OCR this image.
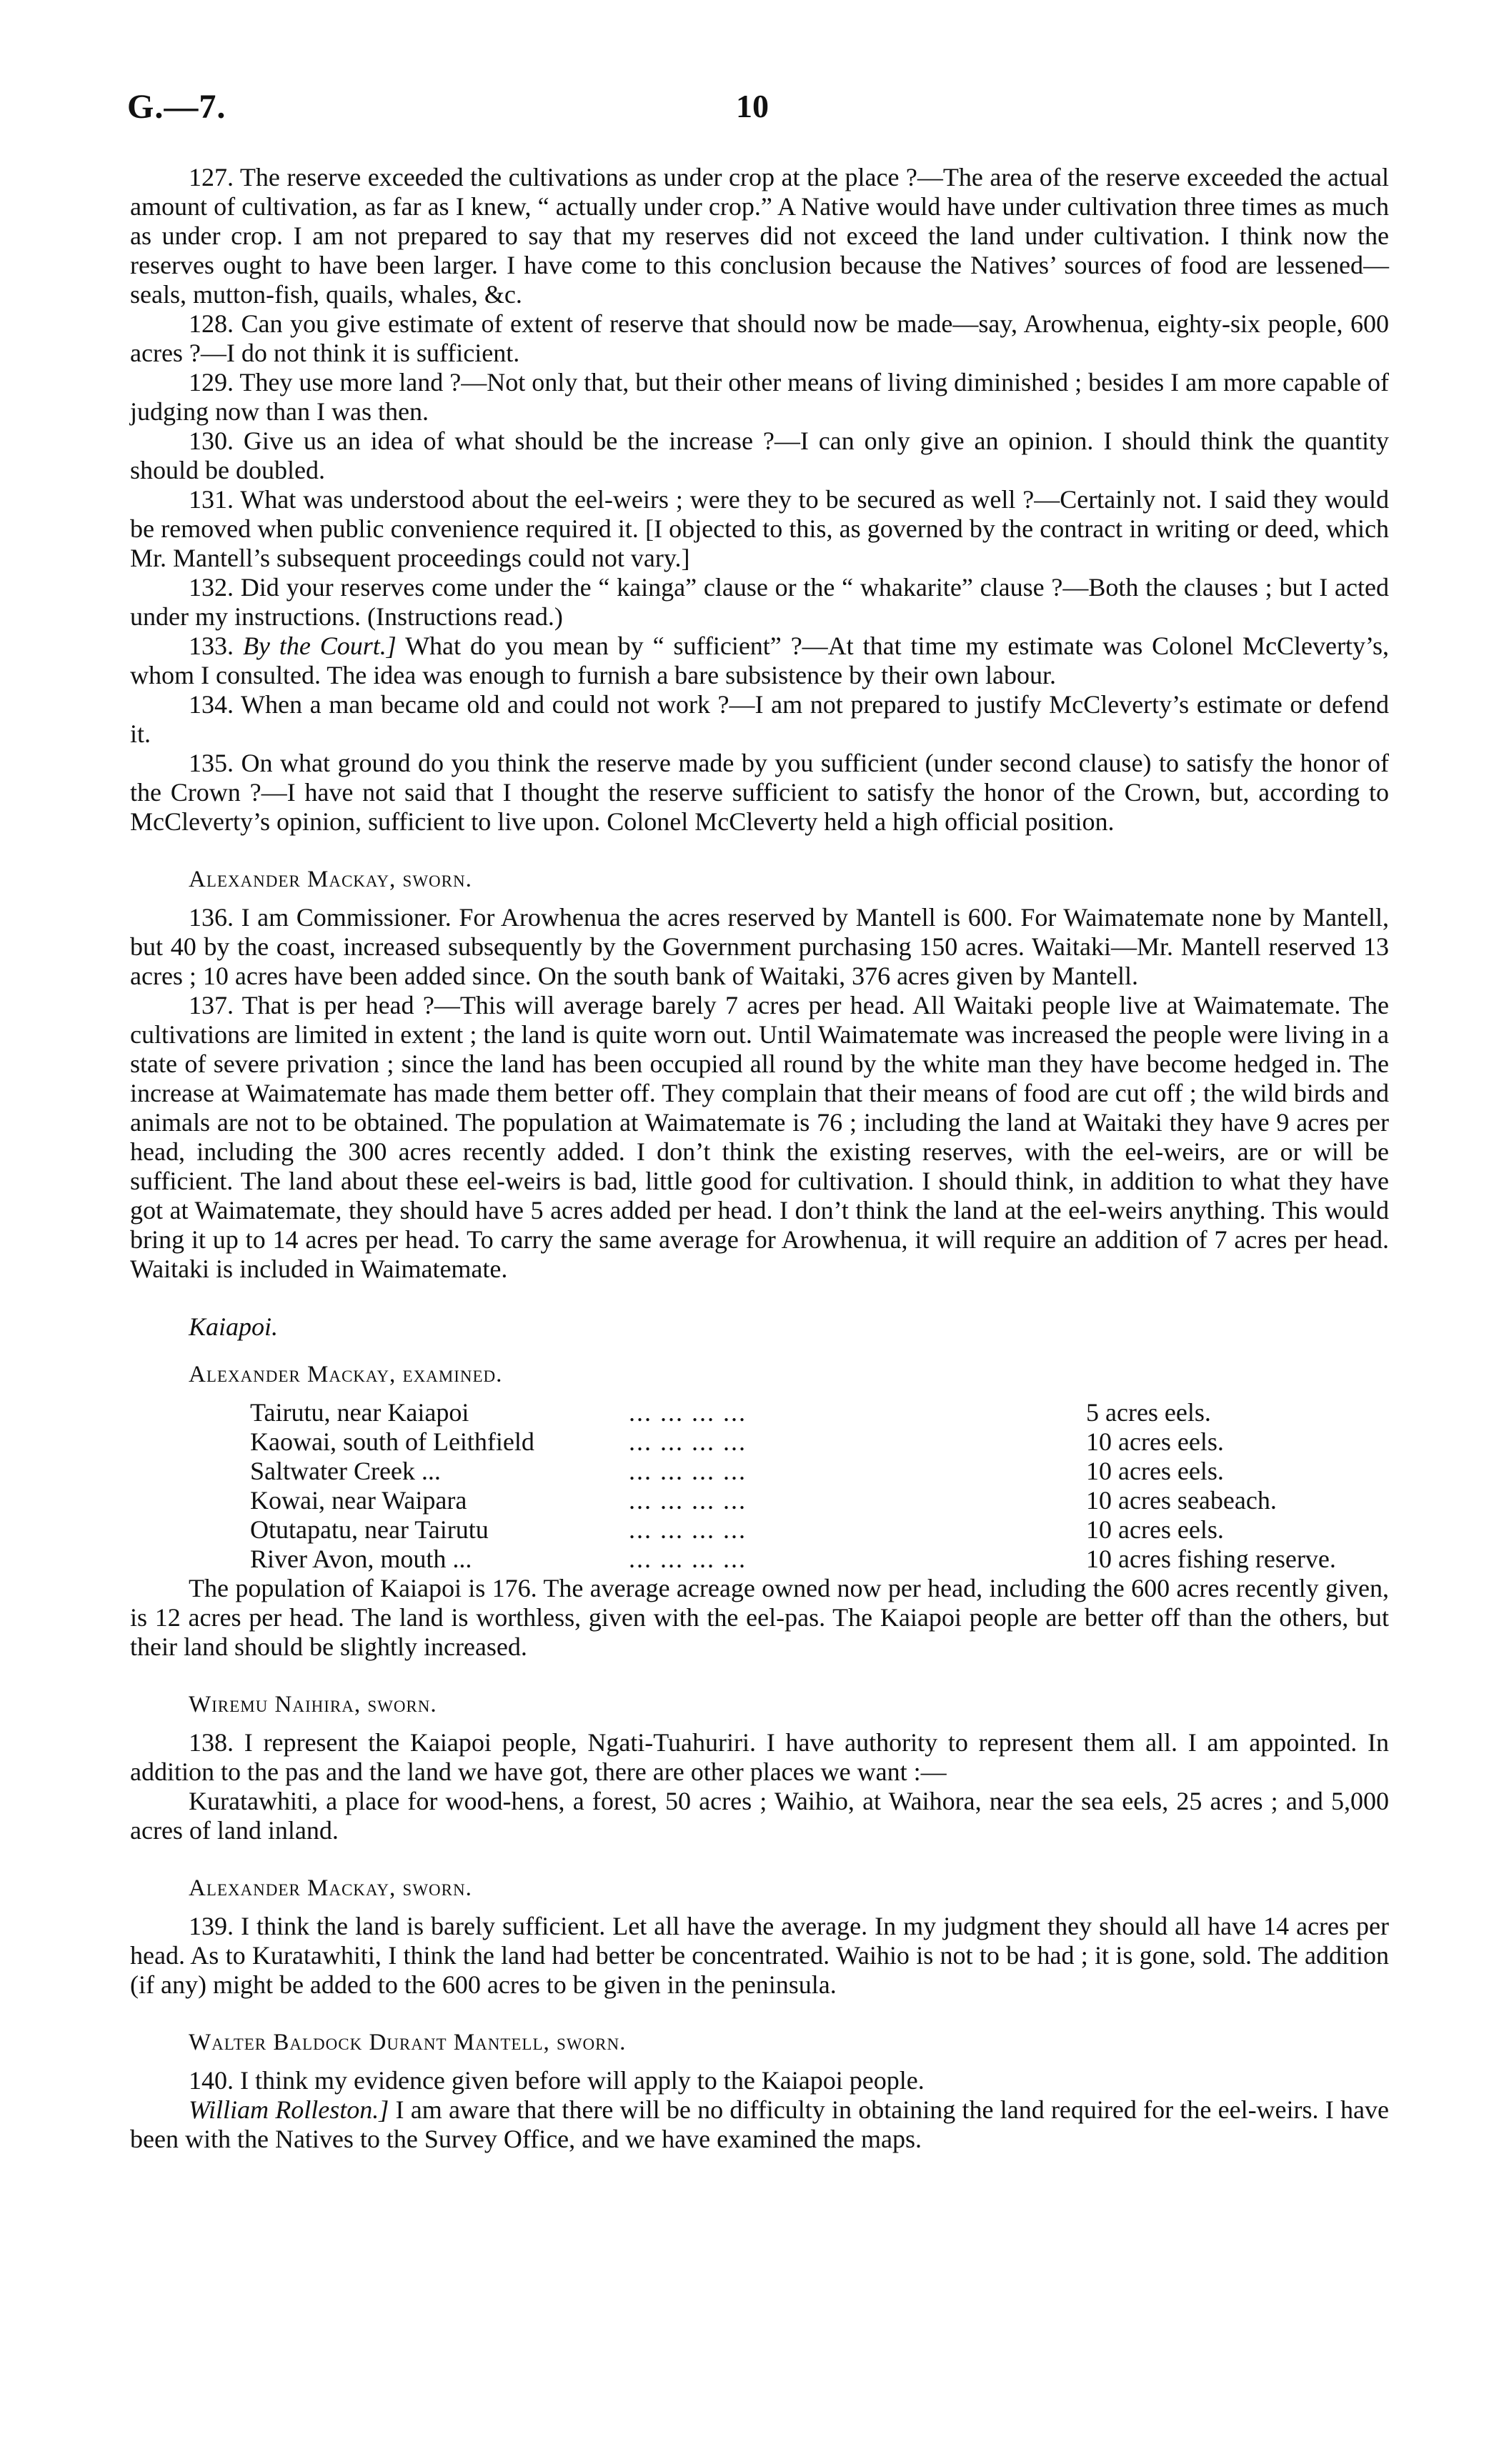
G.—7.	10

127. The reserve exceeded the cultivations as under crop at the place ?—The area of the reserve exceeded the actual amount of cultivation, as far as I knew, “ actually under crop.” A Native would have under cultivation three times as much as under crop. I am not prepared to say that my reserves did not exceed the land under cultivation. I think now the reserves ought to have been larger. I have come to this conclusion because the Natives’ sources of food are lessened—seals, mutton-fish, quails, whales, &c.

128. Can you give estimate of extent of reserve that should now be made—say, Arowhenua, eighty-six people, 600 acres ?—I do not think it is sufficient.

129. They use more land ?—Not only that, but their other means of living diminished ; besides I am more capable of judging now than I was then.

130. Give us an idea of what should be the increase ?—I can only give an opinion. I should think the quantity should be doubled.

131. What was understood about the eel-weirs ; were they to be secured as well ?—Certainly not. I said they would be removed when public convenience required it. [I objected to this, as governed by the contract in writing or deed, which Mr. Mantell’s subsequent proceedings could not vary.]

132. Did your reserves come under the “ kainga” clause or the “ whakarite” clause ?—Both the clauses ; but I acted under my instructions. (Instructions read.)

133. By the Court.] What do you mean by “ sufficient” ?—At that time my estimate was Colonel McCleverty’s, whom I consulted. The idea was enough to furnish a bare subsistence by their own labour.

134. When a man became old and could not work ?—I am not prepared to justify McCleverty’s estimate or defend it.

135. On what ground do you think the reserve made by you sufficient (under second clause) to satisfy the honor of the Crown ?—I have not said that I thought the reserve sufficient to satisfy the honor of the Crown, but, according to McCleverty’s opinion, sufficient to live upon. Colonel McCleverty held a high official position.

Alexander Mackay, sworn.

136. I am Commissioner. For Arowhenua the acres reserved by Mantell is 600. For Waimatemate none by Mantell, but 40 by the coast, increased subsequently by the Government purchasing 150 acres. Waitaki—Mr. Mantell reserved 13 acres ; 10 acres have been added since. On the south bank of Waitaki, 376 acres given by Mantell.

137. That is per head ?—This will average barely 7 acres per head. All Waitaki people live at Waimatemate. The cultivations are limited in extent ; the land is quite worn out. Until Waimatemate was increased the people were living in a state of severe privation ; since the land has been occupied all round by the white man they have become hedged in. The increase at Waimatemate has made them better off. They complain that their means of food are cut off ; the wild birds and animals are not to be obtained. The population at Waimatemate is 76 ; including the land at Waitaki they have 9 acres per head, including the 300 acres recently added. I don’t think the existing reserves, with the eel-weirs, are or will be sufficient. The land about these eel-weirs is bad, little good for cultivation. I should think, in addition to what they have got at Waimatemate, they should have 5 acres added per head. I don’t think the land at the eel-weirs anything. This would bring it up to 14 acres per head. To carry the same average for Arowhenua, it will require an addition of 7 acres per head. Waitaki is included in Waimatemate.

Kaiapoi.

Alexander Mackay, examined.

Tairutu, near Kaiapoi	... ... ... ...	5 acres eels.
Kaowai, south of Leithfield	... ... ... ...	10 acres eels.
Saltwater Creek ...	... ... ... ...	10 acres eels.
Kowai, near Waipara	... ... ... ...	10 acres seabeach.
Otutapatu, near Tairutu	... ... ... ...	10 acres eels.
River Avon, mouth ...	... ... ... ...	10 acres fishing reserve.

The population of Kaiapoi is 176. The average acreage owned now per head, including the 600 acres recently given, is 12 acres per head. The land is worthless, given with the eel-pas. The Kaiapoi people are better off than the others, but their land should be slightly increased.

Wiremu Naihira, sworn.

138. I represent the Kaiapoi people, Ngati-Tuahuriri. I have authority to represent them all. I am appointed. In addition to the pas and the land we have got, there are other places we want :—

Kuratawhiti, a place for wood-hens, a forest, 50 acres ; Waihio, at Waihora, near the sea eels, 25 acres ; and 5,000 acres of land inland.

Alexander Mackay, sworn.

139. I think the land is barely sufficient. Let all have the average. In my judgment they should all have 14 acres per head. As to Kuratawhiti, I think the land had better be concentrated. Waihio is not to be had ; it is gone, sold. The addition (if any) might be added to the 600 acres to be given in the peninsula.

Walter Baldock Durant Mantell, sworn.

140. I think my evidence given before will apply to the Kaiapoi people.

William Rolleston.] I am aware that there will be no difficulty in obtaining the land required for the eel-weirs. I have been with the Natives to the Survey Office, and we have examined the maps.
